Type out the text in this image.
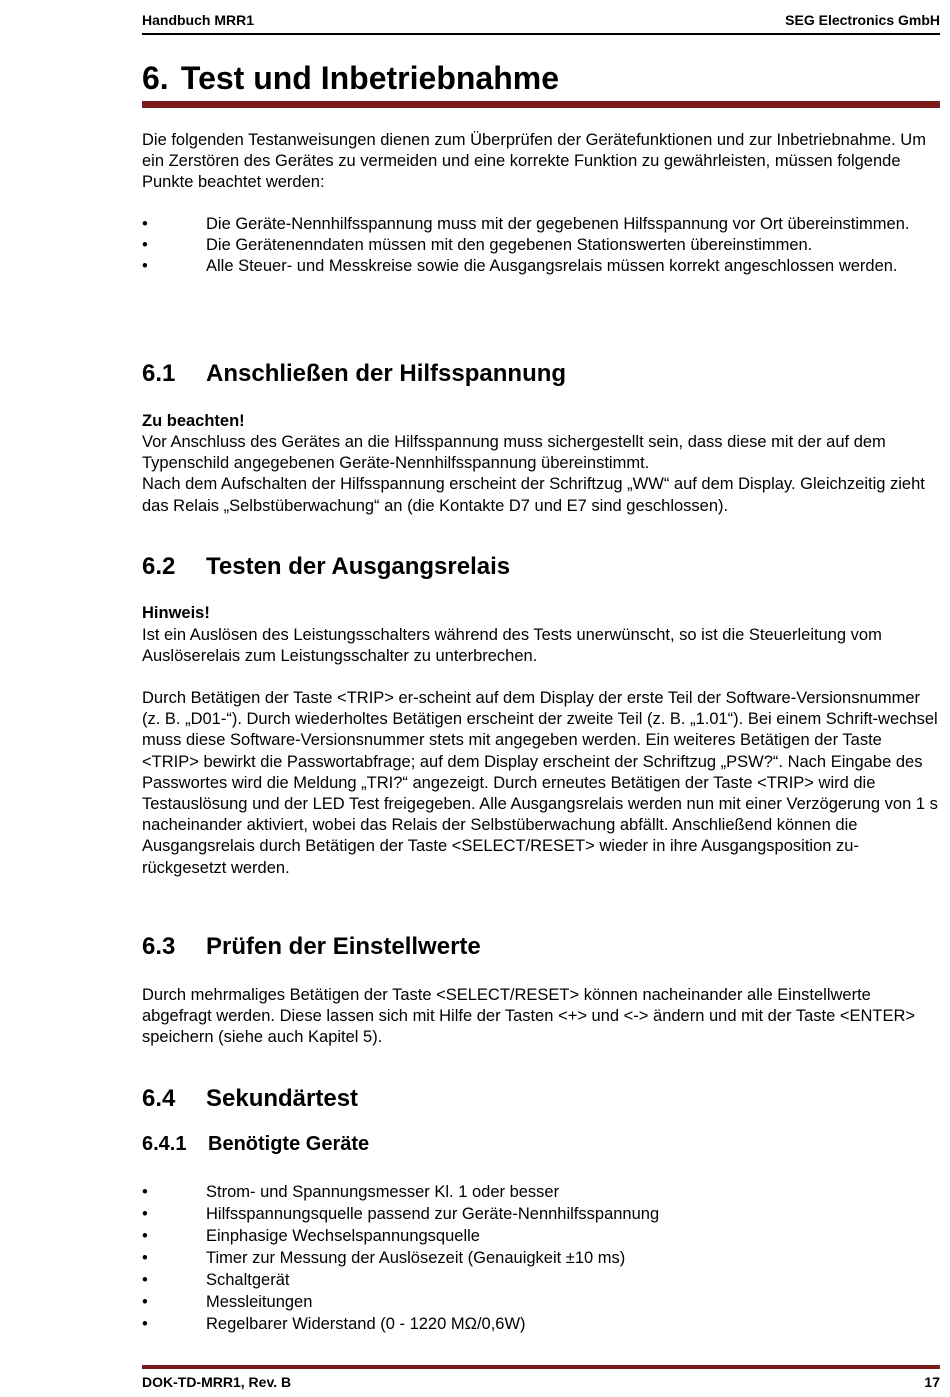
Handbuch MRR1	SEG Electronics GmbH
6. Test und Inbetriebnahme

Die folgenden Testanweisungen dienen zum Überprüfen der Gerätefunktionen und zur Inbetriebnahme. Um ein Zerstören des Gerätes zu vermeiden und eine korrekte Funktion zu gewährleisten, müssen folgende Punkte beachtet werden:

•	Die Geräte-Nennhilfsspannung muss mit der gegebenen Hilfsspannung vor Ort übereinstimmen.
•	Die Gerätenenndaten müssen mit den gegebenen Stationswerten übereinstimmen.
•	Alle Steuer- und Messkreise sowie die Ausgangsrelais müssen korrekt angeschlossen werden.
6.1 Anschließen der Hilfsspannung

Zu beachten!

Vor Anschluss des Gerätes an die Hilfsspannung muss sichergestellt sein, dass diese mit der auf dem Typenschild angegebenen Geräte-Nennhilfsspannung übereinstimmt.
Nach dem Aufschalten der Hilfsspannung erscheint der Schriftzug „WW“ auf dem Display. Gleichzeitig zieht das Relais „Selbstüberwachung“ an (die Kontakte D7 und E7 sind geschlossen).

6.2 Testen der Ausgangsrelais

Hinweis!

Ist ein Auslösen des Leistungsschalters während des Tests unerwünscht, so ist die Steuerleitung vom Auslöserelais zum Leistungsschalter zu unterbrechen.

Durch Betätigen der Taste <TRIP> er-scheint auf dem Display der erste Teil der Software-Versionsnummer (z. B. „D01-“). Durch wiederholtes Betätigen erscheint der zweite Teil (z. B. „1.01“). Bei einem Schrift-wechsel muss diese Software-Versionsnummer stets mit angegeben werden. Ein weiteres Betätigen der Taste <TRIP> bewirkt die Passwortabfrage; auf dem Display erscheint der Schriftzug „PSW?“. Nach Eingabe des Passwortes wird die Meldung „TRI?“ angezeigt. Durch erneutes Betätigen der Taste <TRIP> wird die Testauslösung und der LED Test freigegeben. Alle Ausgangsrelais werden nun mit einer Verzögerung von 1 s nacheinander aktiviert, wobei das Relais der Selbstüberwachung abfällt. Anschließend können die Ausgangsrelais durch Betätigen der Taste <SELECT/RESET> wieder in ihre Ausgangsposition zu-rückgesetzt werden.

6.3 Prüfen der Einstellwerte

Durch mehrmaliges Betätigen der Taste <SELECT/RESET> können nacheinander alle Einstellwerte abgefragt werden. Diese lassen sich mit Hilfe der Tasten <+> und <-> ändern und mit der Taste <ENTER> speichern (siehe auch Kapitel 5).

6.4 Sekundärtest
6.4.1 Benötigte Geräte
•	Strom- und Spannungsmesser Kl. 1 oder besser
•	Hilfsspannungsquelle passend zur Geräte-Nennhilfsspannung
•	Einphasige Wechselspannungsquelle
•	Timer zur Messung der Auslösezeit (Genauigkeit ±10 ms)
•	Schaltgerät
•	Messleitungen
•	Regelbarer Widerstand (0 - 1220 MΩ/0,6W)
DOK-TD-MRR1, Rev. B	17
